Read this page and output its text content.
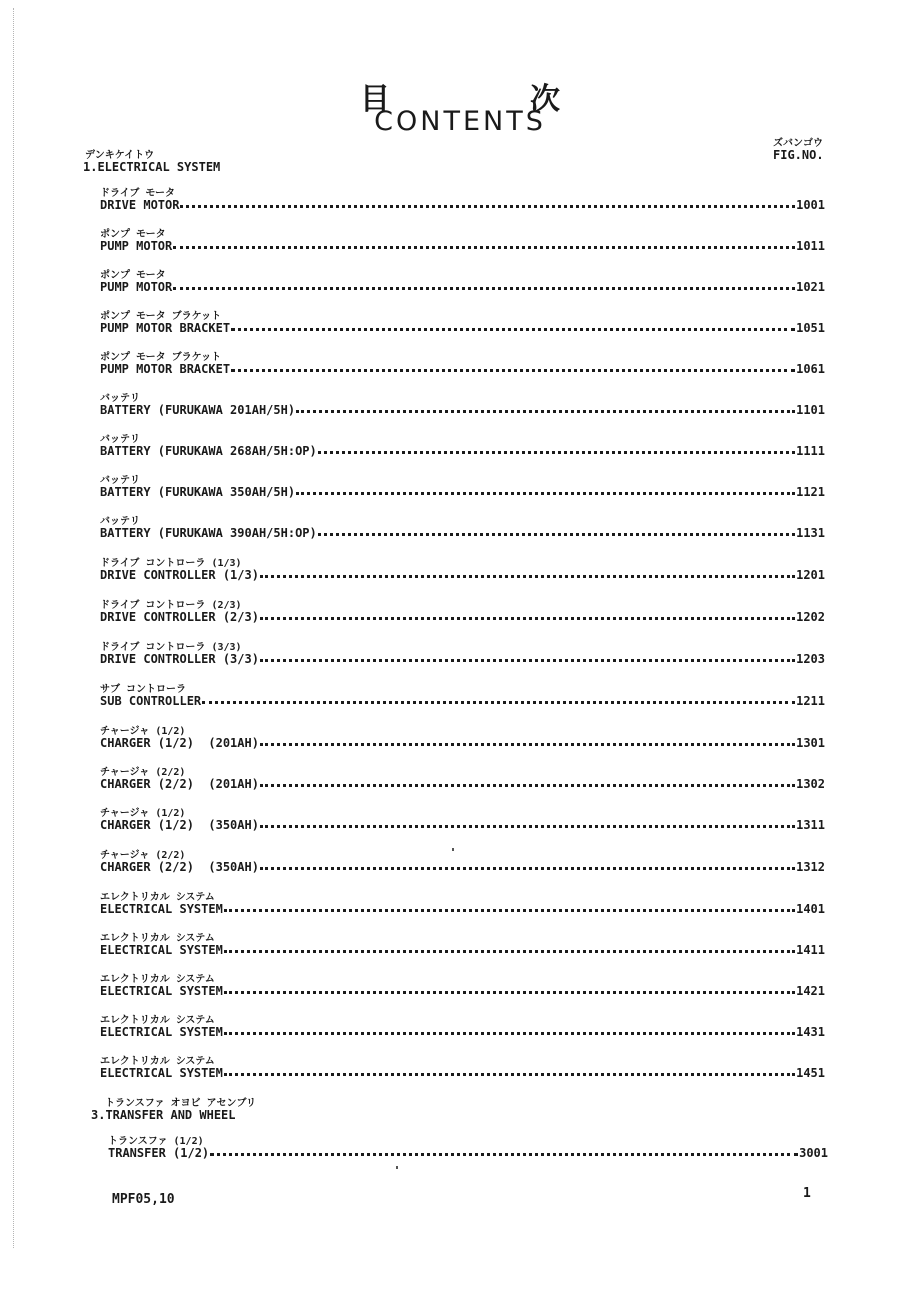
目	次
CONTENTS
ズバンゴウ
FIG.NO.
デンキケイトウ
1.ELECTRICAL SYSTEM
トランスファ オヨビ アセンブリ
3.TRANSFER AND WHEEL
ドライブ モータ
DRIVE MOTOR	1001
ポンプ モータ
PUMP MOTOR	1011
ポンプ モータ
PUMP MOTOR	1021
ポンプ モータ ブラケット
PUMP MOTOR BRACKET	1051
ポンプ モータ ブラケット
PUMP MOTOR BRACKET	1061
バッテリ
BATTERY (FURUKAWA 201AH/5H)	1101
バッテリ
BATTERY (FURUKAWA 268AH/5H:OP)	1111
バッテリ
BATTERY (FURUKAWA 350AH/5H)	1121
バッテリ
BATTERY (FURUKAWA 390AH/5H:OP)	1131
ドライブ コントローラ (1/3)
DRIVE CONTROLLER (1/3)	1201
ドライブ コントローラ (2/3)
DRIVE CONTROLLER (2/3)	1202
ドライブ コントローラ (3/3)
DRIVE CONTROLLER (3/3)	1203
サブ コントローラ
SUB CONTROLLER	1211
チャージャ (1/2)
CHARGER (1/2)  (201AH)	1301
チャージャ (2/2)
CHARGER (2/2)  (201AH)	1302
チャージャ (1/2)
CHARGER (1/2)  (350AH)	1311
チャージャ (2/2)
CHARGER (2/2)  (350AH)	1312
エレクトリカル システム
ELECTRICAL SYSTEM	1401
エレクトリカル システム
ELECTRICAL SYSTEM	1411
エレクトリカル システム
ELECTRICAL SYSTEM	1421
エレクトリカル システム
ELECTRICAL SYSTEM	1431
エレクトリカル システム
ELECTRICAL SYSTEM	1451
トランスファ (1/2)
TRANSFER (1/2)	3001
MPF05,10	1
